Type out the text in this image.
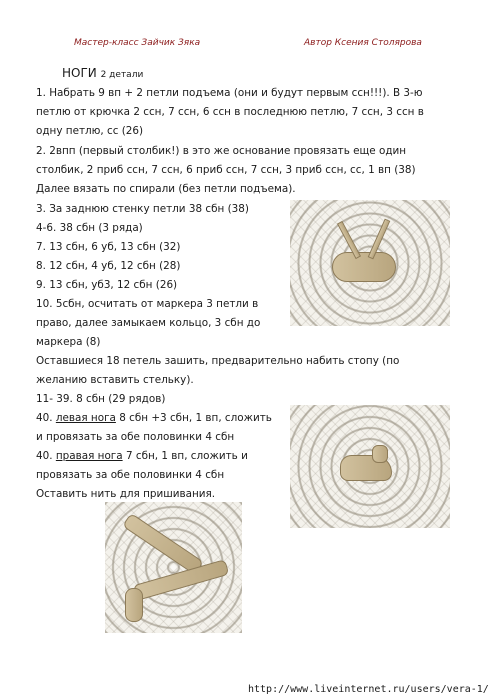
Мастер-класс Зайчик Зяка	Автор Ксения Столярова
НОГИ 2 детали
1. Набрать 9 вп + 2 петли подъема (они и будут первым ссн!!!). В 3-ю
петлю от крючка 2 ссн, 7 ссн, 6 ссн в последнюю петлю, 7 ссн, 3 ссн в
одну петлю, сс (26)
2. 2впп (первый столбик!) в это же основание провязать еще один
столбик, 2 приб ссн, 7 ссн, 6 приб ссн, 7 ссн, 3 приб ссн, сс, 1 вп (38)
Далее вязать по спирали (без петли подъема).
3. За заднюю стенку петли 38 сбн (38)
4-6. 38 сбн (3 ряда)
7. 13 сбн, 6 уб, 13 сбн (32)
8. 12 сбн, 4 уб, 12 сбн (28)
9. 13 сбн, уб3, 12 сбн (26)
10. 5сбн, осчитать от маркера 3 петли в
право, далее замыкаем кольцо, 3 сбн до
маркера (8)
Оставшиеся 18 петель зашить, предварительно набить стопу (по
желанию вставить стельку).
11- 39. 8 сбн (29 рядов)
40. левая нога 8 сбн +3 сбн, 1 вп, сложить
и провязать за обе половинки 4 сбн
40. правая нога 7 сбн, 1 вп, сложить и
провязать за обе половинки 4 сбн
Оставить нить для пришивания.
http://www.liveinternet.ru/users/vera-1/
